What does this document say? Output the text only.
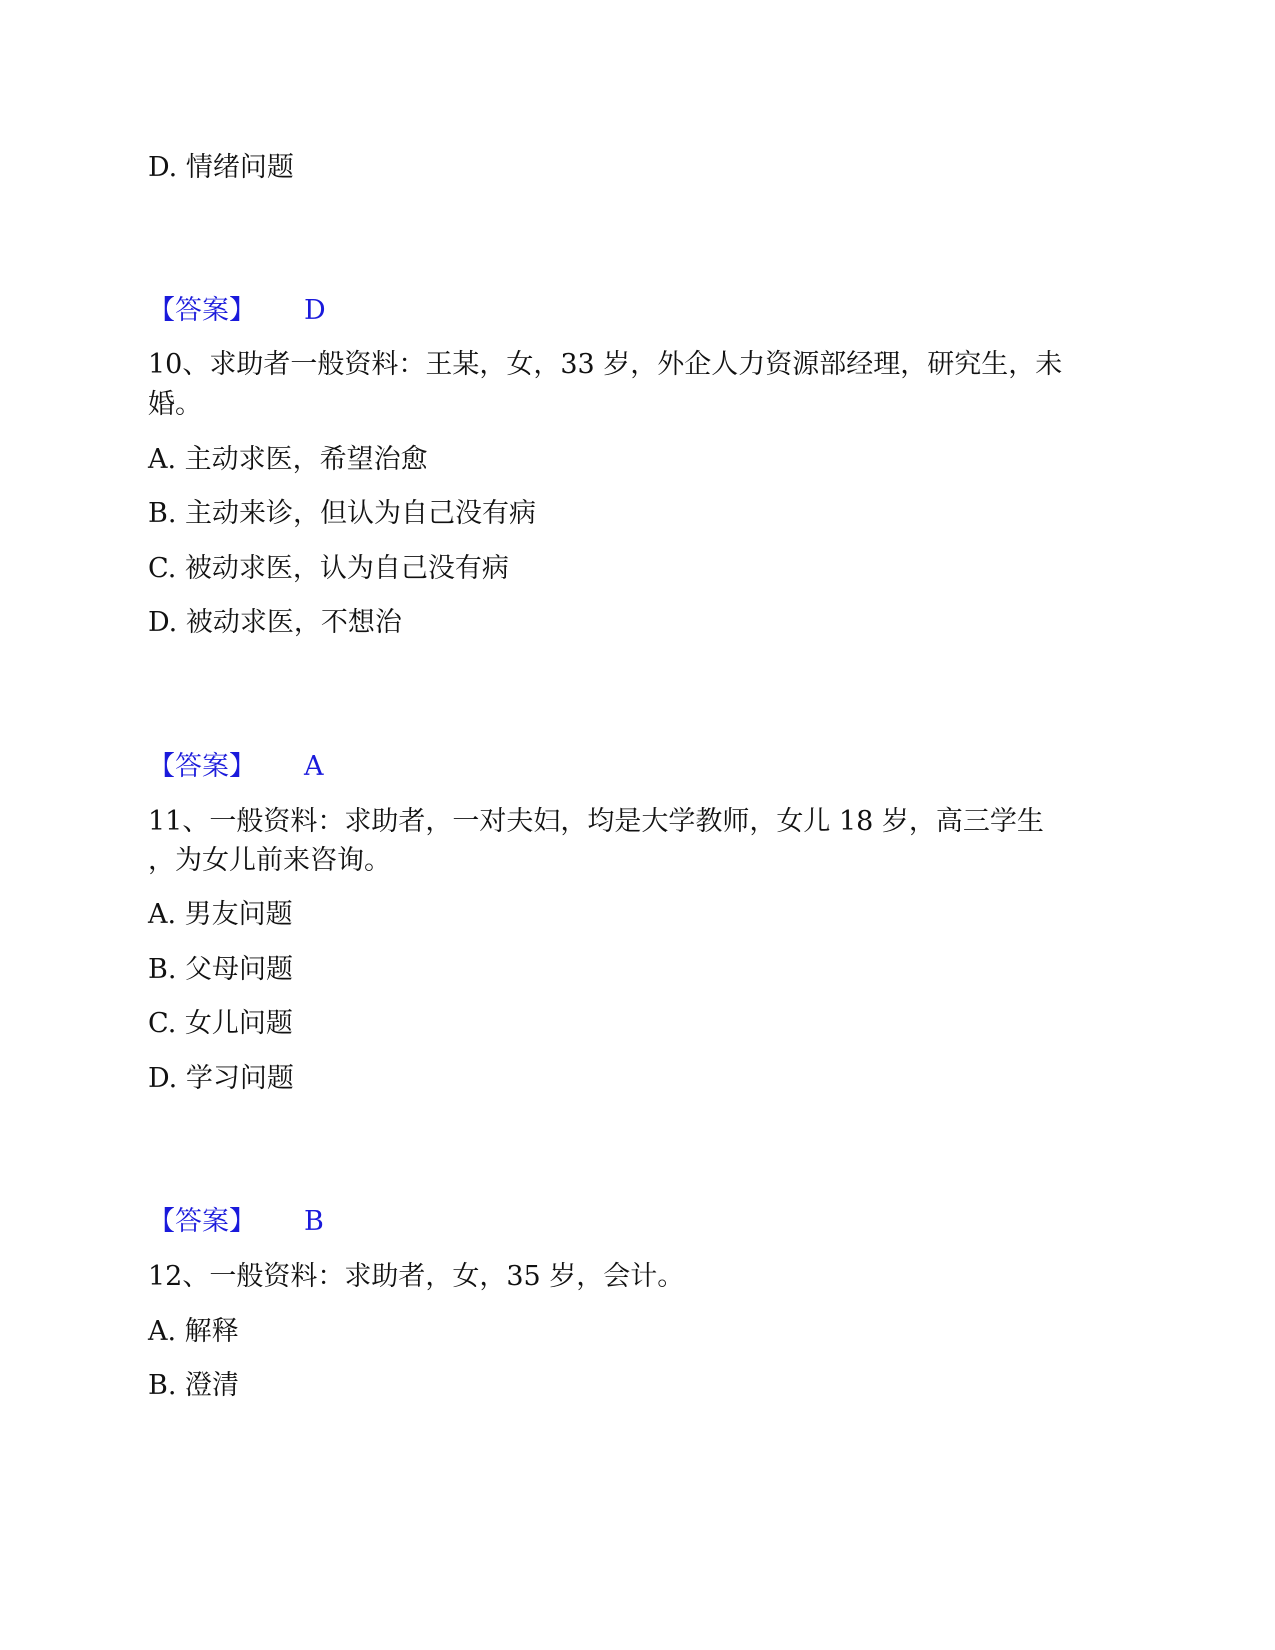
D. 情绪问题
【答案】 D
10、求助者一般资料：王某，女，33 岁，外企人力资源部经理，研究生，未
婚。
A. 主动求医，希望治愈
B. 主动来诊，但认为自己没有病
C. 被动求医，认为自己没有病
D. 被动求医，不想治
【答案】 A
11、一般资料：求助者，一对夫妇，均是大学教师，女儿 18 岁，高三学生
，为女儿前来咨询。
A. 男友问题
B. 父母问题
C. 女儿问题
D. 学习问题
【答案】 B
12、一般资料：求助者，女，35 岁，会计。
A. 解释
B. 澄清
